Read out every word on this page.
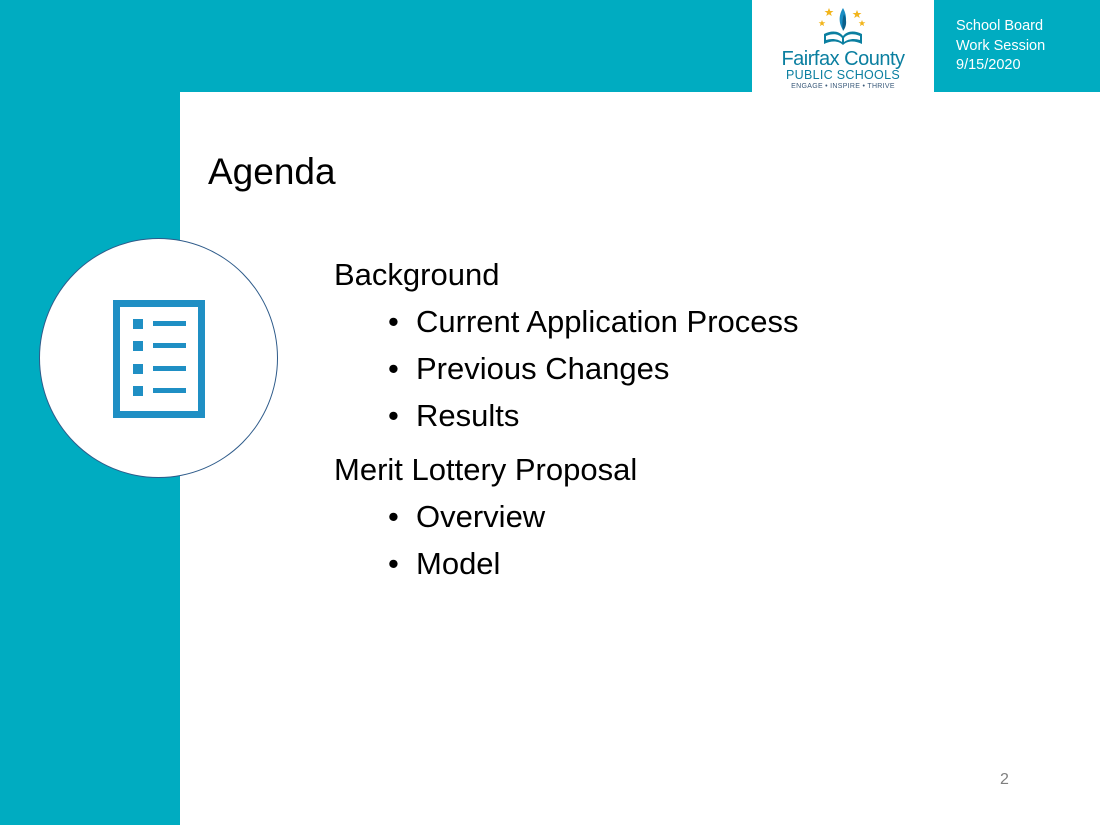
Fairfax County
PUBLIC SCHOOLS
ENGAGE • INSPIRE • THRIVE
School Board
Work Session
9/15/2020
Agenda
Background
• Current Application Process
• Previous Changes
• Results
Merit Lottery Proposal
• Overview
• Model
2
